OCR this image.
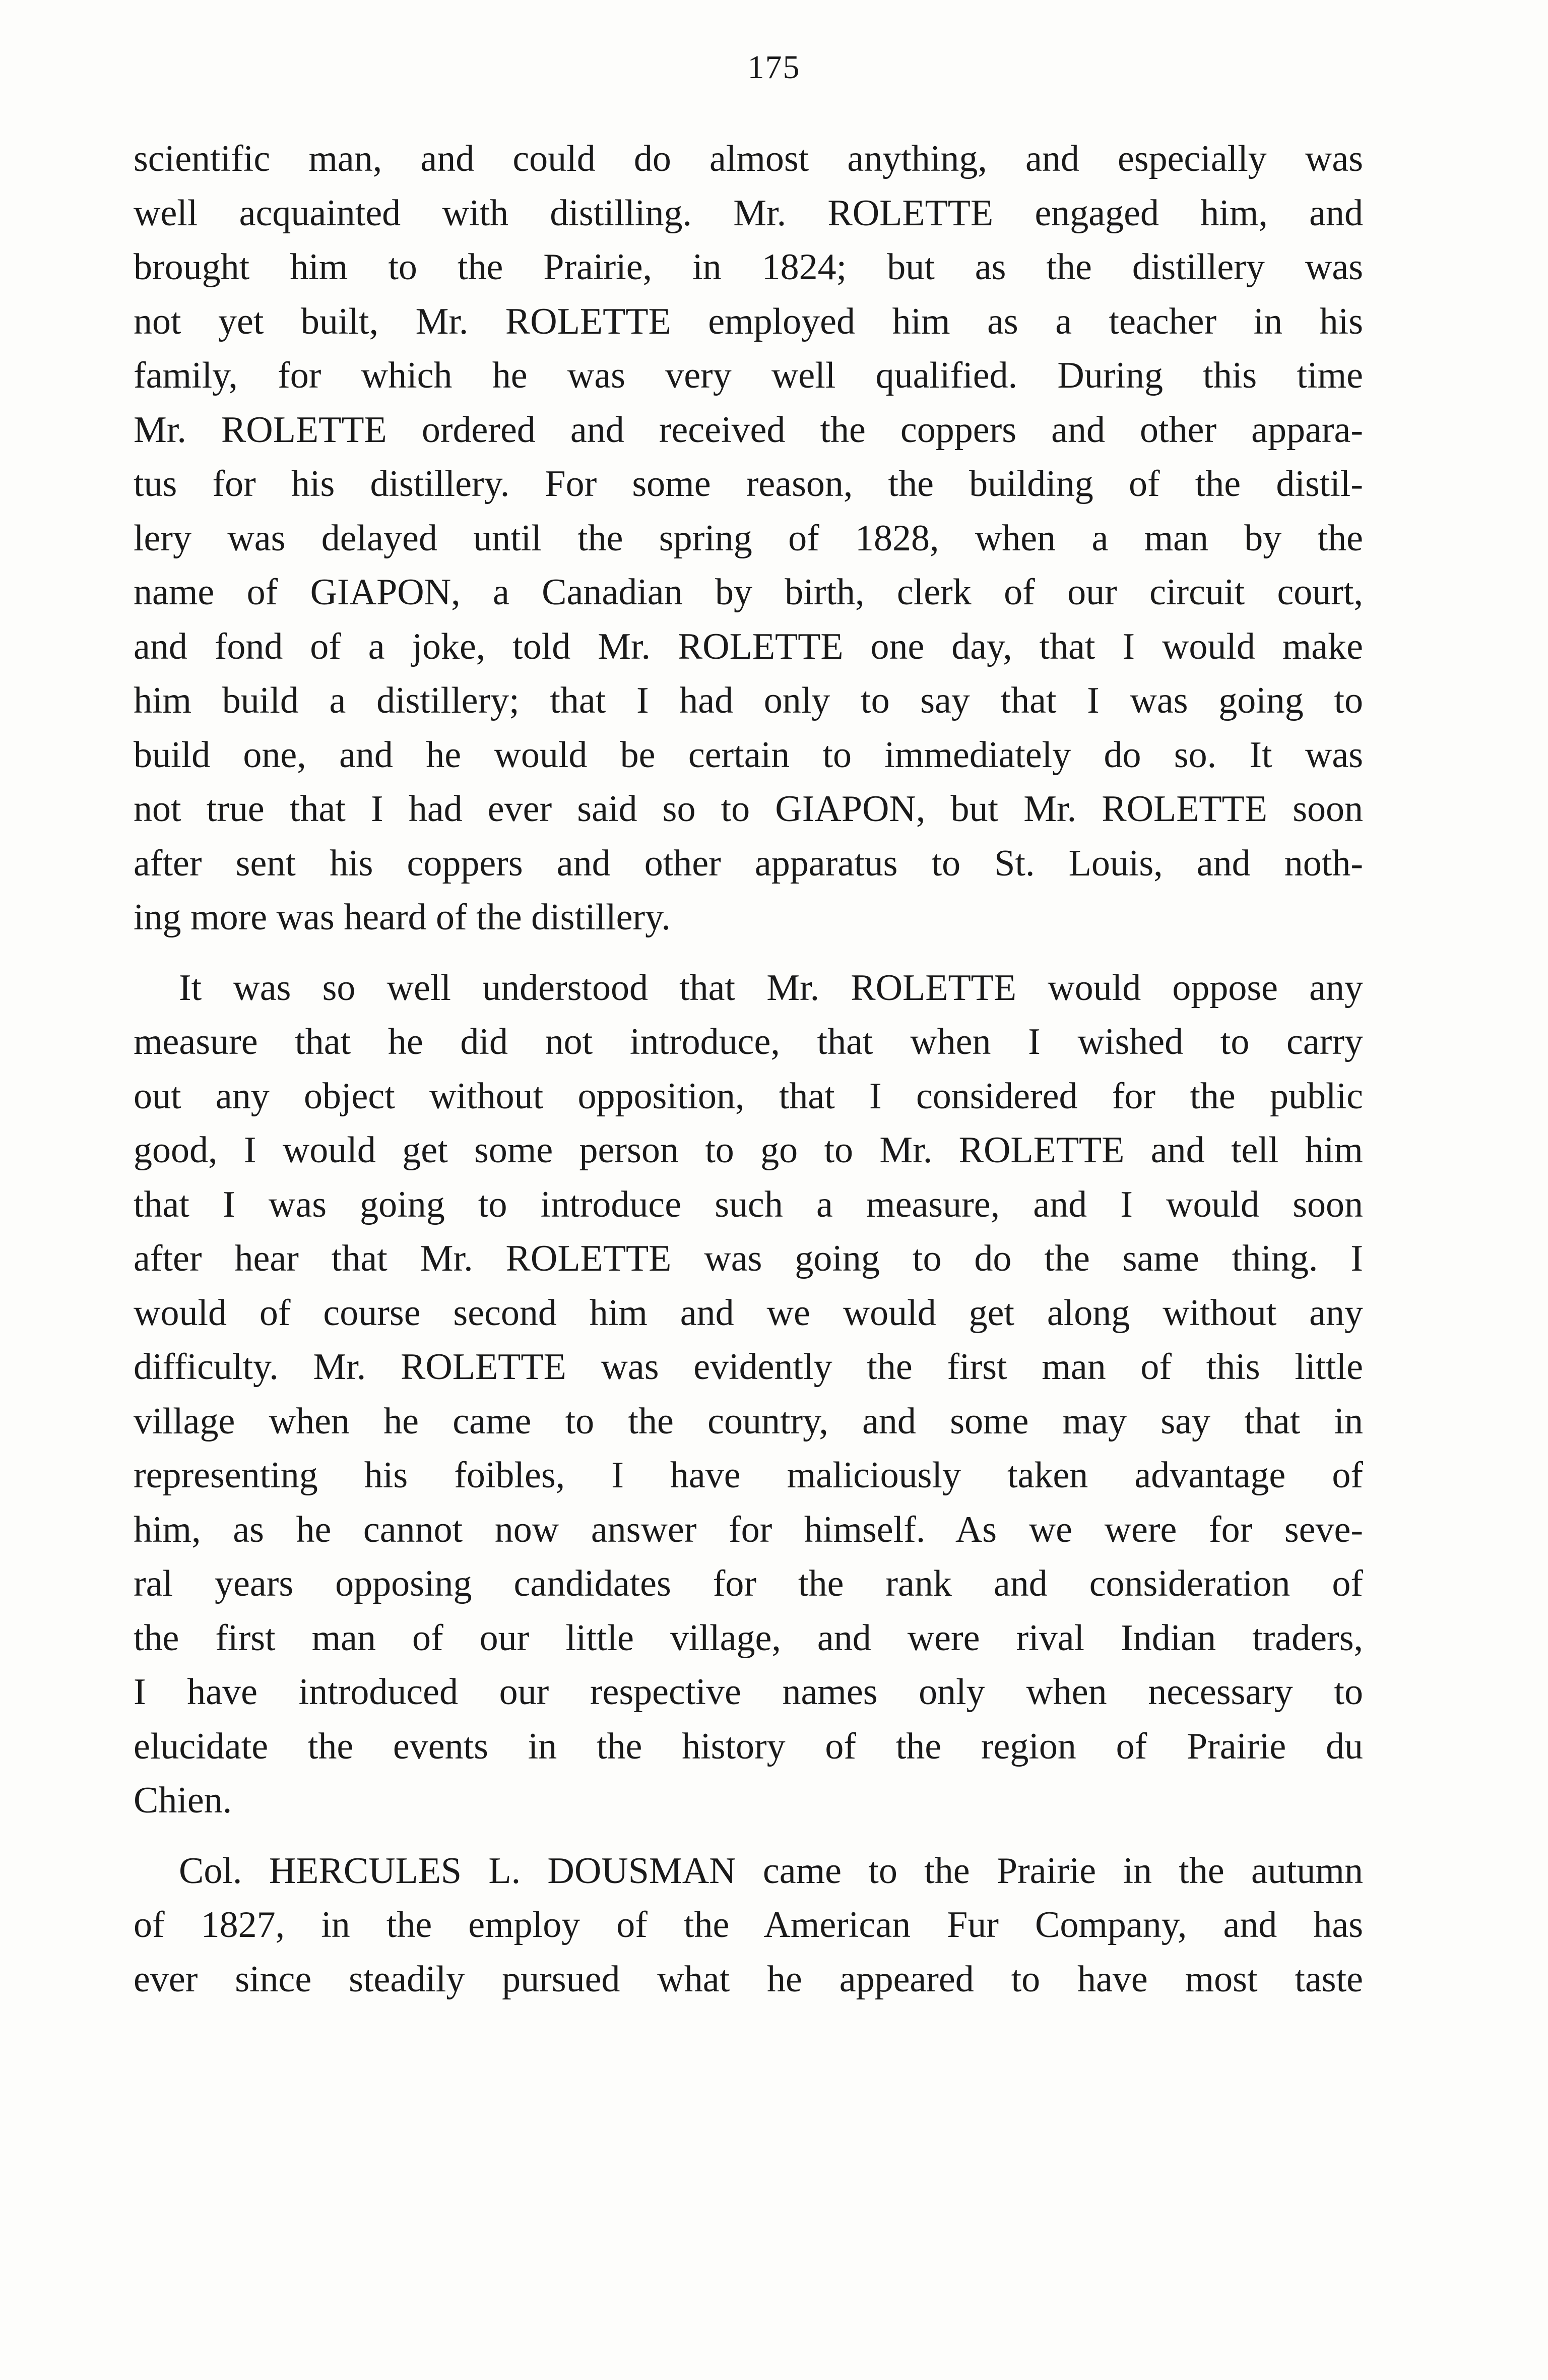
175
scientific man, and could do almost anything, and especially was
well acquainted with distilling. Mr. ROLETTE engaged him, and
brought him to the Prairie, in 1824; but as the distillery was
not yet built, Mr. ROLETTE employed him as a teacher in his
family, for which he was very well qualified. During this time
Mr. ROLETTE ordered and received the coppers and other appara-
tus for his distillery. For some reason, the building of the distil-
lery was delayed until the spring of 1828, when a man by the
name of GIAPON, a Canadian by birth, clerk of our circuit court,
and fond of a joke, told Mr. ROLETTE one day, that I would make
him build a distillery; that I had only to say that I was going to
build one, and he would be certain to immediately do so. It was
not true that I had ever said so to GIAPON, but Mr. ROLETTE soon
after sent his coppers and other apparatus to St. Louis, and noth-
ing more was heard of the distillery.
It was so well understood that Mr. ROLETTE would oppose any
measure that he did not introduce, that when I wished to carry
out any object without opposition, that I considered for the public
good, I would get some person to go to Mr. ROLETTE and tell him
that I was going to introduce such a measure, and I would soon
after hear that Mr. ROLETTE was going to do the same thing. I
would of course second him and we would get along without any
difficulty. Mr. ROLETTE was evidently the first man of this little
village when he came to the country, and some may say that in
representing his foibles, I have maliciously taken advantage of
him, as he cannot now answer for himself. As we were for seve-
ral years opposing candidates for the rank and consideration of
the first man of our little village, and were rival Indian traders,
I have introduced our respective names only when necessary to
elucidate the events in the history of the region of Prairie du
Chien.
Col. HERCULES L. DOUSMAN came to the Prairie in the autumn
of 1827, in the employ of the American Fur Company, and has
ever since steadily pursued what he appeared to have most taste
